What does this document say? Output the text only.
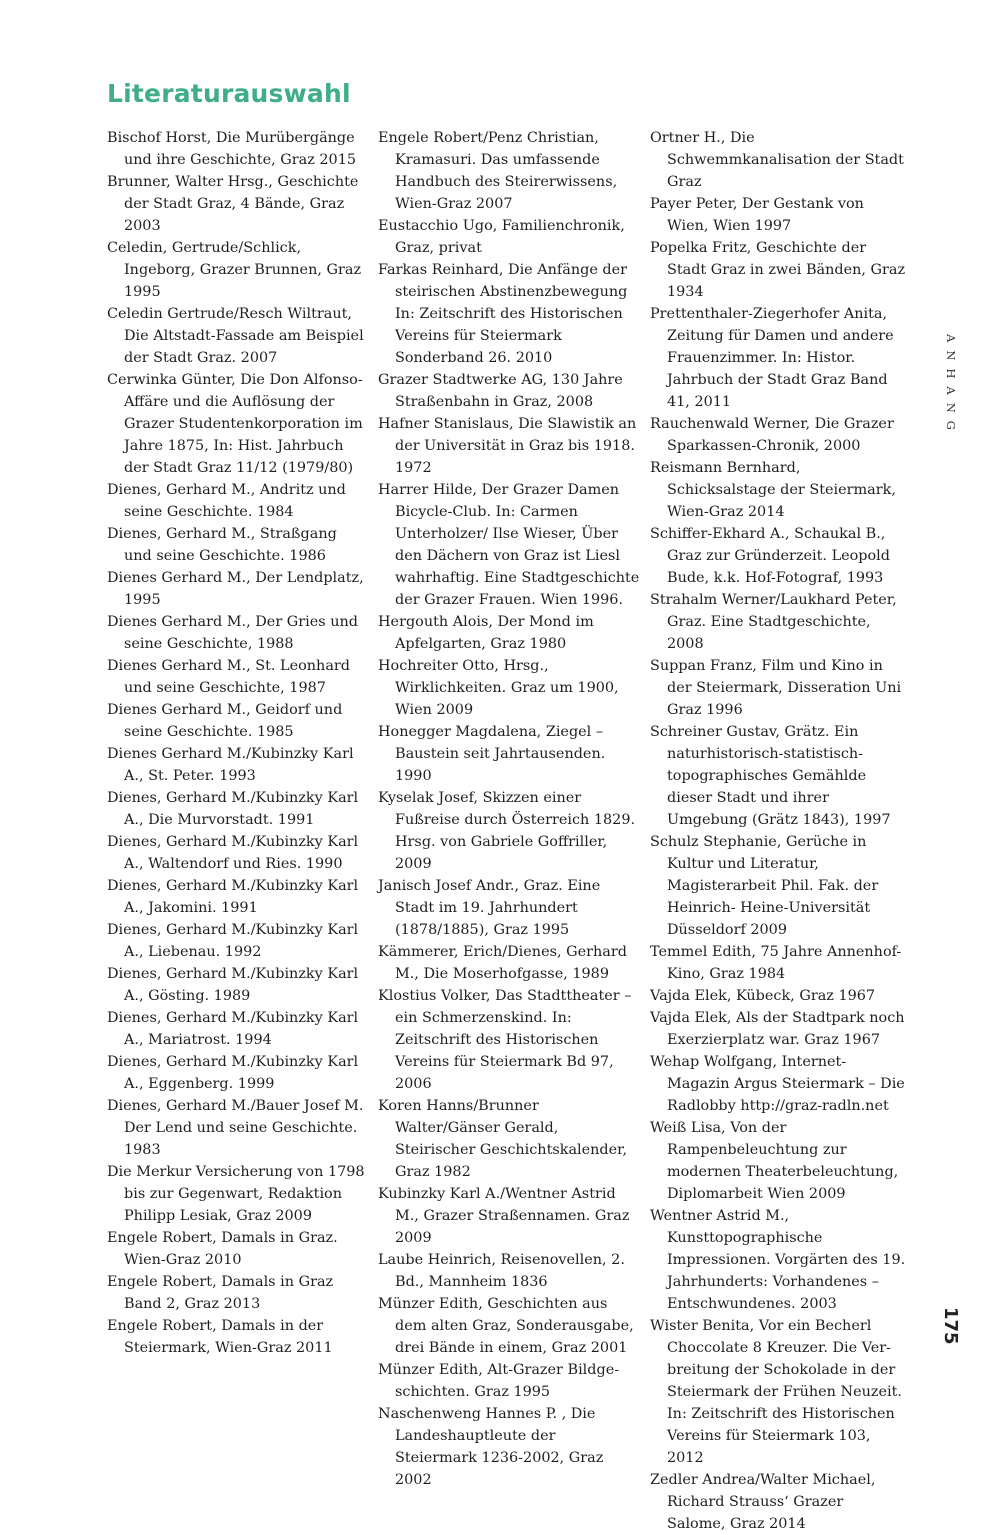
Literaturauswahl

Bischof Horst, Die Murübergänge und ihre Geschichte, Graz 2015

Brunner, Walter Hrsg., Geschichte der Stadt Graz, 4 Bände, Graz 2003

Celedin, Gertrude/Schlick, Ingeborg, Grazer Brunnen, Graz 1995

Celedin Gertrude/Resch Wiltraut, Die Altstadt-Fassade am Beispiel der Stadt Graz. 2007

Cerwinka Günter, Die Don Alfonso-Affäre und die Auflösung der Grazer Studentenkorporation im Jahre 1875, In: Hist. Jahrbuch der Stadt Graz 11/12 (1979/80)

Dienes, Gerhard M., Andritz und seine Geschichte. 1984

Dienes, Gerhard M., Straßgang und seine Geschichte. 1986

Dienes Gerhard M., Der Lendplatz, 1995

Dienes Gerhard M., Der Gries und seine Geschichte, 1988

Dienes Gerhard M., St. Leonhard und seine Geschichte, 1987

Dienes Gerhard M., Geidorf und seine Geschichte. 1985

Dienes Gerhard M./Kubinzky Karl A., St. Peter. 1993

Dienes, Gerhard M./Kubinzky Karl A., Die Murvorstadt. 1991

Dienes, Gerhard M./Kubinzky Karl A., Waltendorf und Ries. 1990

Dienes, Gerhard M./Kubinzky Karl A., Jakomini. 1991

Dienes, Gerhard M./Kubinzky Karl A., Liebenau. 1992

Dienes, Gerhard M./Kubinzky Karl A., Gösting. 1989

Dienes, Gerhard M./Kubinzky Karl A., Mariatrost. 1994

Dienes, Gerhard M./Kubinzky Karl A., Eggenberg. 1999

Dienes, Gerhard M./Bauer Josef M. Der Lend und seine Geschichte. 1983

Die Merkur Versicherung von 1798 bis zur Gegenwart, Redaktion Philipp Lesiak, Graz 2009

Engele Robert, Damals in Graz. Wien-Graz 2010

Engele Robert, Damals in Graz Band 2, Graz 2013

Engele Robert, Damals in der Steiermark, Wien-Graz 2011

Engele Robert/Penz Christian, Kramasuri. Das umfassende Handbuch des Steirerwissens, Wien-Graz 2007

Eustacchio Ugo, Familienchronik, Graz, privat

Farkas Reinhard, Die Anfänge der steirischen Abstinenzbewegung In: Zeitschrift des Historischen Vereins für Steiermark Sonderband 26. 2010

Grazer Stadtwerke AG, 130 Jahre Straßenbahn in Graz, 2008

Hafner Stanislaus, Die Slawistik an der Universität in Graz bis 1918. 1972

Harrer Hilde, Der Grazer Damen Bicycle-Club. In: Carmen Unterholzer/ Ilse Wieser, Über den Dächern von Graz ist Liesl wahrhaftig. Eine Stadtgeschichte der Grazer Frauen. Wien 1996.

Hergouth Alois, Der Mond im Apfelgarten, Graz 1980

Hochreiter Otto, Hrsg., Wirklichkeiten. Graz um 1900, Wien 2009

Honegger Magdalena, Ziegel – Baustein seit Jahrtausenden. 1990

Kyselak Josef, Skizzen einer Fußreise durch Österreich 1829. Hrsg. von Gabriele Goffriller, 2009

Janisch Josef Andr., Graz. Eine Stadt im 19. Jahrhundert (1878/1885), Graz 1995

Kämmerer, Erich/Dienes, Gerhard M., Die Moserhofgasse, 1989

Klostius Volker, Das Stadttheater – ein Schmerzenskind. In: Zeitschrift des Historischen Vereins für Steiermark Bd 97, 2006

Koren Hanns/Brunner Walter/Gänser Gerald, Steirischer Geschichtskalender, Graz 1982

Kubinzky Karl A./Wentner Astrid M., Grazer Straßennamen. Graz 2009

Laube Heinrich, Reisenovellen, 2. Bd., Mannheim 1836

Münzer Edith, Geschichten aus dem alten Graz, Sonderausgabe, drei Bände in einem, Graz 2001

Münzer Edith, Alt-Grazer Bildgeschichten. Graz 1995

Naschenweng Hannes P. , Die Landeshauptleute der Steiermark 1236-2002, Graz 2002

Ortner H., Die Schwemmkanalisation der Stadt Graz

Payer Peter, Der Gestank von Wien, Wien 1997

Popelka Fritz, Geschichte der Stadt Graz in zwei Bänden, Graz 1934

Prettenthaler-Ziegerhofer Anita, Zeitung für Damen und andere Frauenzimmer. In: Histor. Jahrbuch der Stadt Graz Band 41, 2011

Rauchenwald Werner, Die Grazer Sparkassen-Chronik, 2000

Reismann Bernhard, Schicksalstage der Steiermark, Wien-Graz 2014

Schiffer-Ekhard A., Schaukal B., Graz zur Gründerzeit. Leopold Bude, k.k. Hof-Fotograf, 1993

Strahalm Werner/Laukhard Peter, Graz. Eine Stadtgeschichte, 2008

Suppan Franz, Film und Kino in der Steiermark, Disseration Uni Graz 1996

Schreiner Gustav, Grätz. Ein naturhistorisch-statistisch-topographisches Gemählde dieser Stadt und ihrer Umgebung (Grätz 1843), 1997

Schulz Stephanie, Gerüche in Kultur und Literatur, Magisterarbeit Phil. Fak. der Heinrich- Heine-Universität Düsseldorf 2009

Temmel Edith, 75 Jahre Annenhof-Kino, Graz 1984

Vajda Elek, Kübeck, Graz 1967

Vajda Elek, Als der Stadtpark noch Exerzierplatz war. Graz 1967

Wehap Wolfgang, Internet-Magazin Argus Steiermark – Die Radlobby http://graz-radln.net

Weiß Lisa, Von der Rampenbeleuchtung zur modernen Theaterbeleuchtung, Diplomarbeit Wien 2009

Wentner Astrid M., Kunsttopographische Impressionen. Vorgärten des 19. Jahrhunderts: Vorhandenes – Entschwundenes. 2003

Wister Benita, Vor ein Becherl Choccolate 8 Kreuzer. Die Verbreitung der Schokolade in der Steiermark der Frühen Neuzeit. In: Zeitschrift des Historischen Vereins für Steiermark 103, 2012

Zedler Andrea/Walter Michael, Richard Strauss‘ Grazer Salome, Graz 2014

ANHANG
175
